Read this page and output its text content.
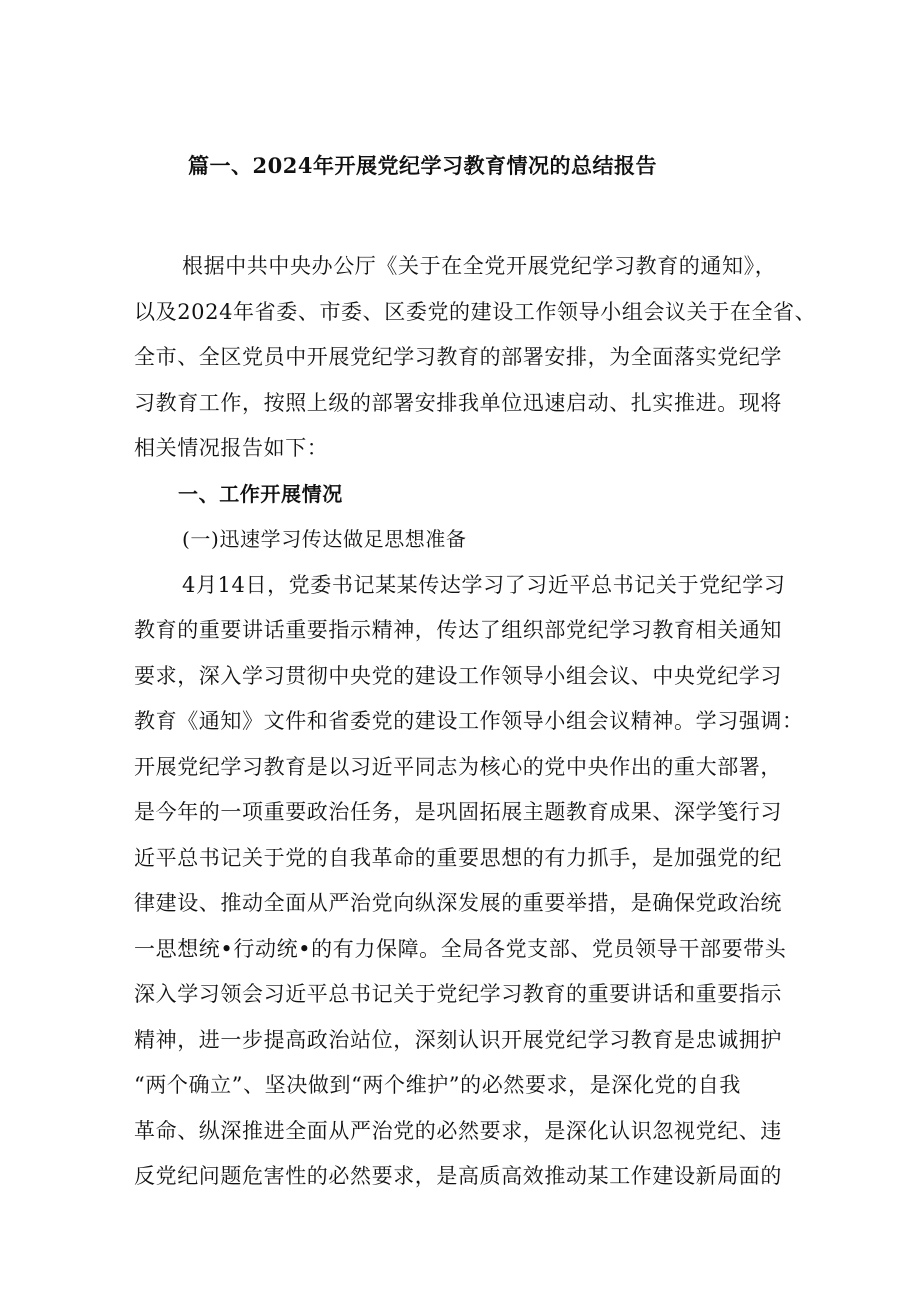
篇一、2024年开展党纪学习教育情况的总结报告
根据中共中央办公厅《关于在全党开展党纪学习教育的通知》，
以及2024年省委、市委、区委党的建设工作领导小组会议关于在全省、
全市、全区党员中开展党纪学习教育的部署安排，为全面落实党纪学
习教育工作，按照上级的部署安排我单位迅速启动、扎实推进。现将
相关情况报告如下：
一、工作开展情况
(一)迅速学习传达做足思想准备
4月14日，党委书记某某传达学习了习近平总书记关于党纪学习
教育的重要讲话重要指示精神，传达了组织部党纪学习教育相关通知
要求，深入学习贯彻中央党的建设工作领导小组会议、中央党纪学习
教育《通知》文件和省委党的建设工作领导小组会议精神。学习强调：
开展党纪学习教育是以习近平同志为核心的党中央作出的重大部署，
是今年的一项重要政治任务，是巩固拓展主题教育成果、深学笺行习
近平总书记关于党的自我革命的重要思想的有力抓手，是加强党的纪
律建设、推动全面从严治党向纵深发展的重要举措，是确保党政治统
一思想统•行动统•的有力保障。全局各党支部、党员领导干部要带头
深入学习领会习近平总书记关于党纪学习教育的重要讲话和重要指示
精神，进一步提高政治站位，深刻认识开展党纪学习教育是忠诚拥护
“两个确立”、坚决做到“两个维护”的必然要求，是深化党的自我
革命、纵深推进全面从严治党的必然要求，是深化认识忽视党纪、违
反党纪问题危害性的必然要求，是高质高效推动某工作建设新局面的
